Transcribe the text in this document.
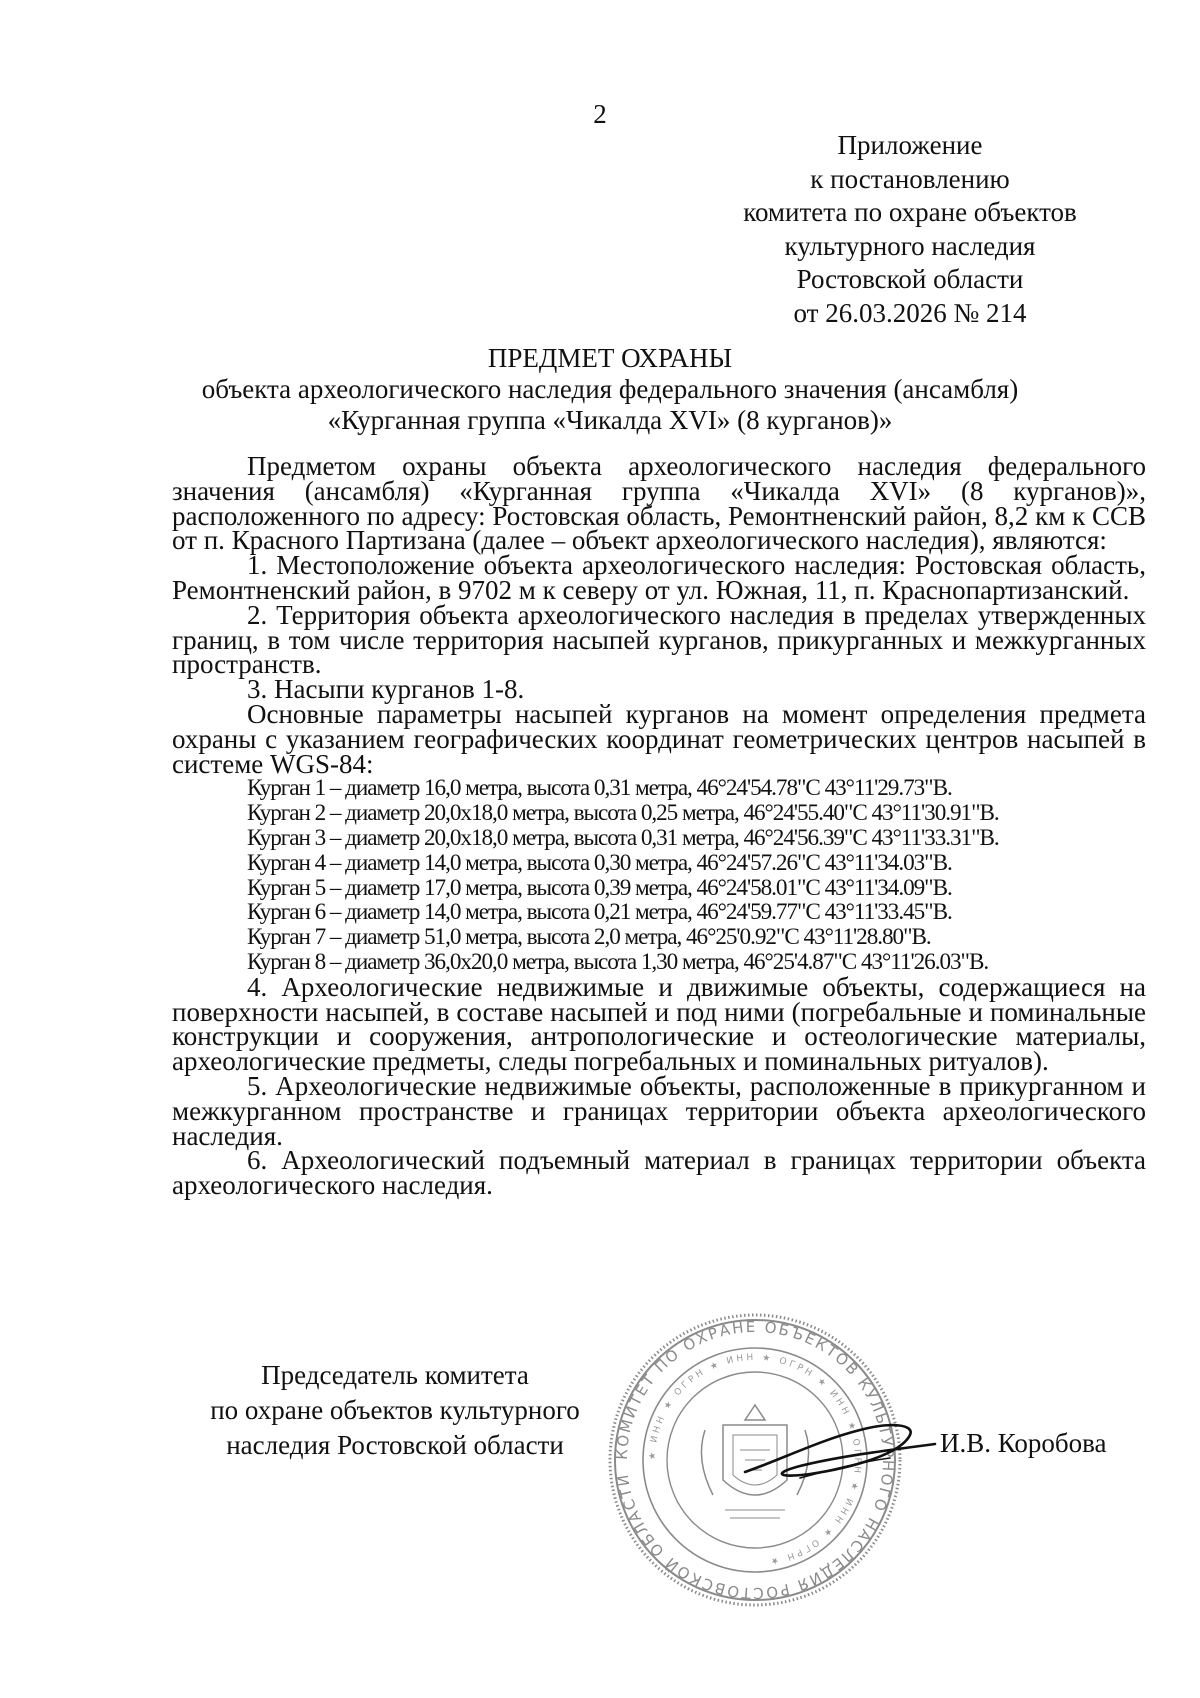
2
Приложение
к постановлению
комитета по охране объектов
культурного наследия
Ростовской области
от 26.03.2026 № 214
ПРЕДМЕТ ОХРАНЫ
объекта археологического наследия федерального значения (ансамбля)
«Курганная группа «Чикалда XVI» (8 курганов)»

Предметом охраны объекта археологического наследия федерального значения (ансамбля) «Курганная группа «Чикалда XVI» (8 курганов)», расположенного по адресу: Ростовская область, Ремонтненский район, 8,2 км к ССВ от п. Красного Партизана (далее – объект археологического наследия), являются:

1. Местоположение объекта археологического наследия: Ростовская область, Ремонтненский район, в 9702 м к северу от ул. Южная, 11, п. Краснопартизанский.

2. Территория объекта археологического наследия в пределах утвержденных границ, в том числе территория насыпей курганов, прикурганных и межкурганных пространств.

3. Насыпи курганов 1-8.

Основные параметры насыпей курганов на момент определения предмета охраны с указанием географических координат геометрических центров насыпей в системе WGS-84:

Курган 1 – диаметр 16,0 метра, высота 0,31 метра, 46°24'54.78"С 43°11'29.73"В.
Курган 2 – диаметр 20,0х18,0 метра, высота 0,25 метра, 46°24'55.40"С 43°11'30.91"В.
Курган 3 – диаметр 20,0х18,0 метра, высота 0,31 метра, 46°24'56.39"С 43°11'33.31"В.
Курган 4 – диаметр 14,0 метра, высота 0,30 метра, 46°24'57.26"С 43°11'34.03"В.
Курган 5 – диаметр 17,0 метра, высота 0,39 метра, 46°24'58.01"С 43°11'34.09"В.
Курган 6 – диаметр 14,0 метра, высота 0,21 метра, 46°24'59.77"С 43°11'33.45"В.
Курган 7 – диаметр 51,0 метра, высота 2,0 метра, 46°25'0.92"С 43°11'28.80"В.
Курган 8 – диаметр 36,0х20,0 метра, высота 1,30 метра, 46°25'4.87"С 43°11'26.03"В.

4. Археологические недвижимые и движимые объекты, содержащиеся на поверхности насыпей, в составе насыпей и под ними (погребальные и поминальные конструкции и сооружения, антропологические и остеологические материалы, археологические предметы, следы погребальных и поминальных ритуалов).

5. Археологические недвижимые объекты, расположенные в прикурганном и межкурганном пространстве и границах территории объекта археологического наследия.

6. Археологический подъемный материал в границах территории объекта археологического наследия.

КОМИТЕТ ПО ОХРАНЕ ОБЪЕКТОВ КУЛЬТУРНОГО НАСЛЕДИЯ РОСТОВСКОЙ ОБЛАСТИ
★ ИНН ★ ОГРН ★ ИНН ★ ОГРН ★ ИНН ★ ОГРН ★ ИНН ★ ОГРН ★
Председатель комитета
по охране объектов культурного
наследия Ростовской области	И.В. Коробова
